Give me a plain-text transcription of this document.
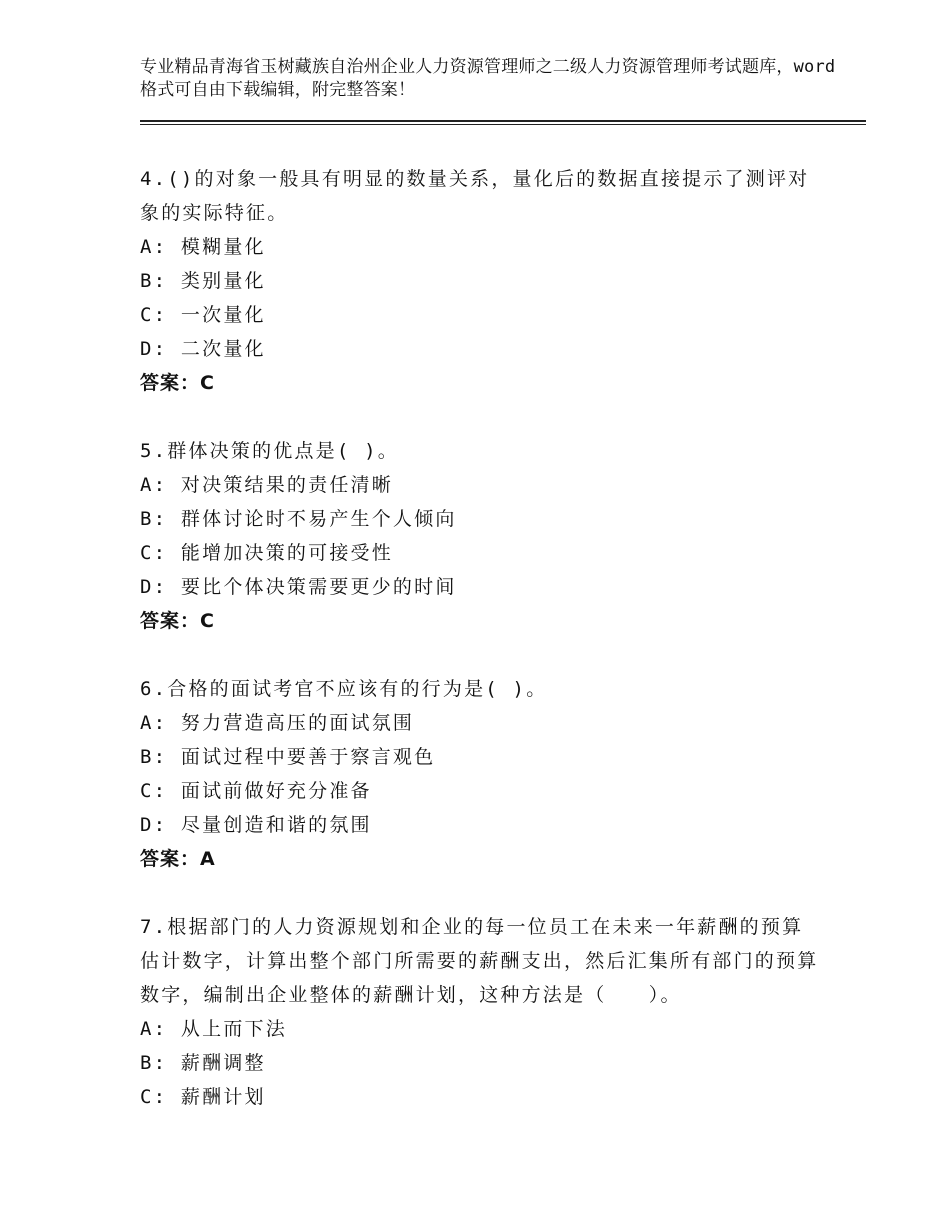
专业精品青海省玉树藏族自治州企业人力资源管理师之二级人力资源管理师考试题库，word格式可自由下载编辑，附完整答案！

4.()的对象一般具有明显的数量关系，量化后的数据直接提示了测评对象的实际特征。

A: 模糊量化

B: 类别量化

C: 一次量化

D: 二次量化

答案：C

5.群体决策的优点是( )。

A: 对决策结果的责任清晰

B: 群体讨论时不易产生个人倾向

C: 能增加决策的可接受性

D: 要比个体决策需要更少的时间

答案：C

6.合格的面试考官不应该有的行为是( )。

A: 努力营造高压的面试氛围

B: 面试过程中要善于察言观色

C: 面试前做好充分准备

D: 尽量创造和谐的氛围

答案：A

7.根据部门的人力资源规划和企业的每一位员工在未来一年薪酬的预算估计数字，计算出整个部门所需要的薪酬支出，然后汇集所有部门的预算数字，编制出企业整体的薪酬计划，这种方法是（　　）。

A: 从上而下法

B: 薪酬调整

C: 薪酬计划
